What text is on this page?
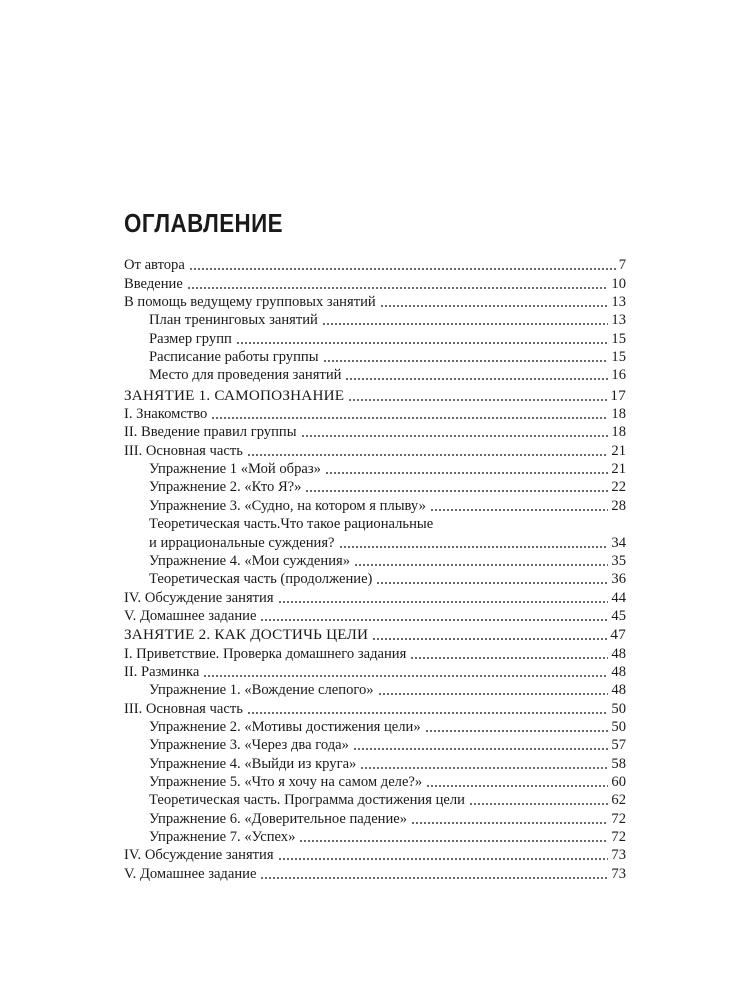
ОГЛАВЛЕНИЕ
От автора	7
Введение	10
В помощь ведущему групповых занятий	13
План тренинговых занятий	13
Размер групп	15
Расписание работы группы	15
Место для проведения занятий	16
ЗАНЯТИЕ 1. САМОПОЗНАНИЕ	17
I. Знакомство	18
II. Введение правил группы	18
III. Основная часть	21
Упражнение 1 «Мой образ»	21
Упражнение 2. «Кто Я?»	22
Упражнение 3. «Судно, на котором я плыву»	28
Теоретическая часть.Что такое рациональные
и иррациональные суждения?	34
Упражнение 4. «Мои суждения»	35
Теоретическая часть (продолжение)	36
IV. Обсуждение занятия	44
V. Домашнее задание	45
ЗАНЯТИЕ 2. КАК ДОСТИЧЬ ЦЕЛИ	47
I. Приветствие. Проверка домашнего задания	48
II. Разминка	48
Упражнение 1. «Вождение слепого»	48
III. Основная часть	50
Упражнение 2. «Мотивы достижения цели»	50
Упражнение 3. «Через два года»	57
Упражнение 4. «Выйди из круга»	58
Упражнение 5. «Что я хочу на самом деле?»	60
Теоретическая часть. Программа достижения цели	62
Упражнение 6. «Доверительное падение»	72
Упражнение 7. «Успех»	72
IV. Обсуждение занятия	73
V. Домашнее задание	73
